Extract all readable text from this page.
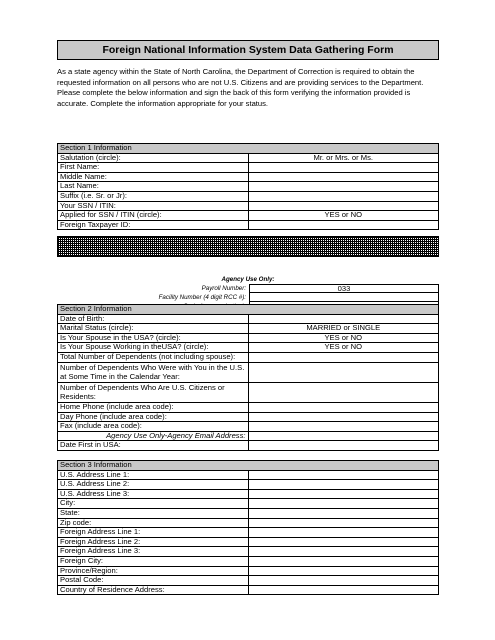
Foreign National Information System Data Gathering Form
As a state agency within the State of North Carolina, the Department of Correction is required to obtain the requested information on all persons who are not U.S. Citizens and are providing services to the Department. Please complete the below information and sign the back of this form verifying the information provided is accurate. Complete the information appropriate for your status.
Section 1 Information	
Salutation (circle):	Mr. or Mrs. or Ms.
First Name:	
Middle Name:	
Last Name:	
Suffix (i.e. Sr. or Jr):	
Your SSN / ITIN:	
Applied for SSN / ITIN (circle):	YES or NO
Foreign Taxpayer ID:	
Agency Use Only:
Payroll Number:	033
Facility Number (4 digit RCC #):
Section 2 Information	
Date of Birth:	
Marital Status (circle):	MARRIED or SINGLE
Is Your Spouse in the USA? (circle):	YES or NO
Is Your Spouse Working in theUSA? (circle):	YES or NO
Total Number of Dependents (not including spouse):	
Number of Dependents Who Were with You in the U.S. at Some Time in the Calendar Year:	
Number of Dependents Who Are U.S. Citizens or Residents:	
Home Phone (include area code):	
Day Phone (include area code):	
Fax (include area code):	
Agency Use Only-Agency Email Address:	
Date First in USA:	
Section 3 Information	
U.S. Address Line 1:	
U.S. Address Line 2:	
U.S. Address Line 3:	
City:	
State:	
Zip code:	
Foreign Address Line 1:	
Foreign Address Line 2:	
Foreign Address Line 3:	
Foreign City:	
Province/Region:	
Postal Code:	
Country of Residence Address:	
